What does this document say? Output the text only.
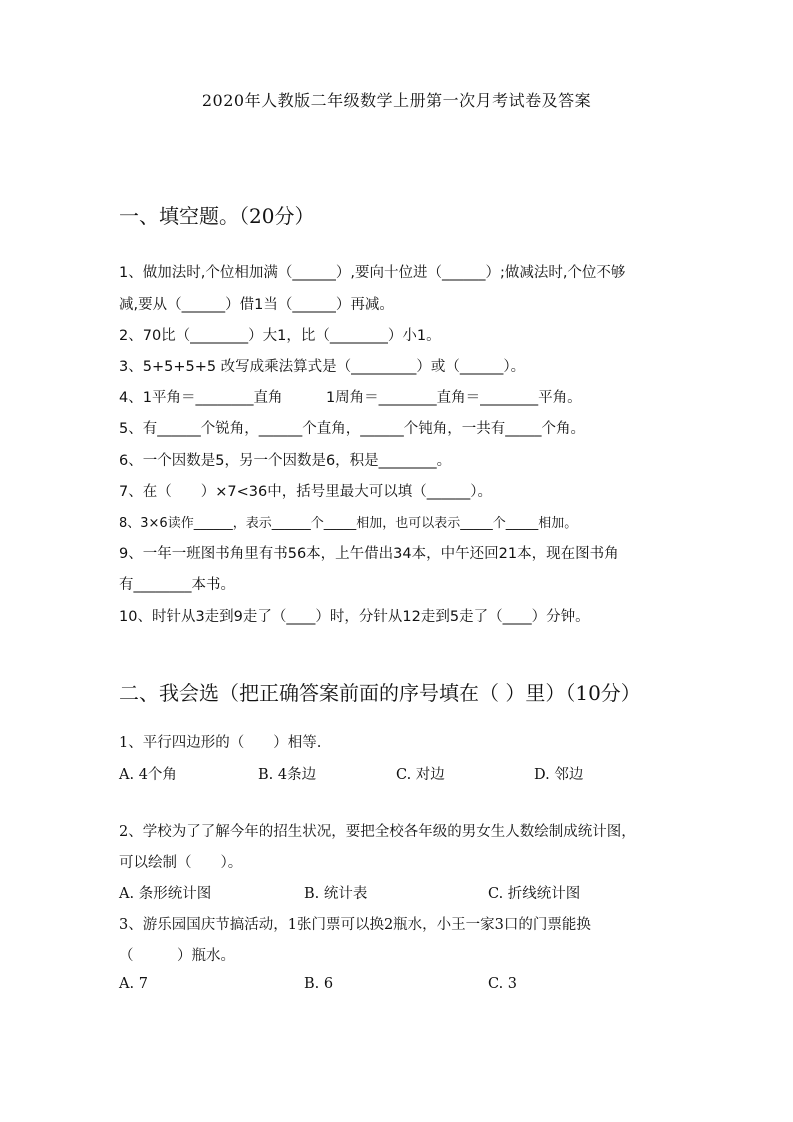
2020年人教版二年级数学上册第一次月考试卷及答案
一、填空题。（20分）
1、做加法时,个位相加满（______）,要向十位进（______）;做减法时,个位不够
减,要从（______）借1当（______）再减。
2、70比（________）大1，比（________）小1。
3、5+5+5+5 改写成乘法算式是（_________）或（______）。
4、1平角＝________直角　　　1周角＝________直角＝________平角。
5、有______个锐角，______个直角，______个钝角，一共有_____个角。
6、一个因数是5，另一个因数是6，积是________。
7、在（　　）×7<36中，括号里最大可以填（______）。
8、3×6读作______，表示______个_____相加，也可以表示_____个_____相加。
9、一年一班图书角里有书56本，上午借出34本，中午还回21本，现在图书角
有________本书。
10、时针从3走到9走了（____）时，分针从12走到5走了（____）分钟。
二、我会选（把正确答案前面的序号填在（ ）里）（10分）
1、平行四边形的（　　）相等.
A. 4个角	B. 4条边	C. 对边	D. 邻边
2、学校为了了解今年的招生状况，要把全校各年级的男女生人数绘制成统计图，
可以绘制（　　）。
A. 条形统计图	B. 统计表	C. 折线统计图
3、游乐园国庆节搞活动，1张门票可以换2瓶水，小王一家3口的门票能换
（　　　）瓶水。
A. 7	B. 6	C. 3
